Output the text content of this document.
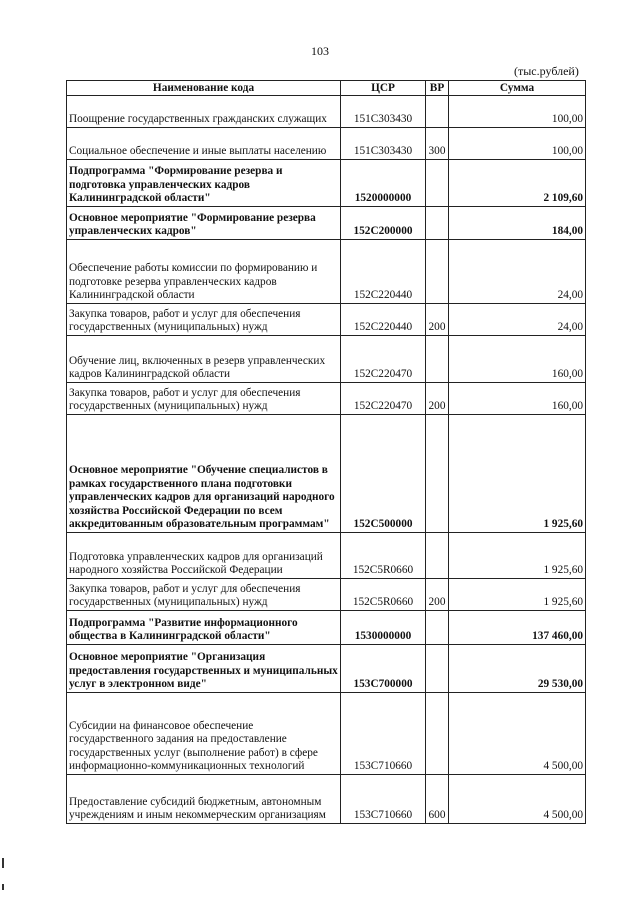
103
(тыс.рублей)
Наименование кода	ЦСР	ВР	Сумма
Поощрение государственных гражданских служащих	151С303430		100,00
Социальное обеспечение и иные выплаты населению	151С303430	300	100,00
Подпрограмма "Формирование резерва и подготовка управленческих кадров Калининградской области"	1520000000		2 109,60
Основное мероприятие "Формирование резерва управленческих кадров"	152С200000		184,00
Обеспечение работы комиссии по формированию и подготовке резерва управленческих кадров Калининградской области	152С220440		24,00
Закупка товаров, работ и услуг для обеспечения государственных (муниципальных) нужд	152С220440	200	24,00
Обучение лиц, включенных в резерв управленческих кадров Калининградской области	152С220470		160,00
Закупка товаров, работ и услуг для обеспечения государственных (муниципальных) нужд	152С220470	200	160,00
Основное мероприятие "Обучение специалистов в рамках государственного плана подготовки управленческих кадров для организаций народного хозяйства Российской Федерации по всем аккредитованным образовательным программам"	152С500000		1 925,60
Подготовка управленческих кадров для организаций народного хозяйства Российской Федерации	152С5R0660		1 925,60
Закупка товаров, работ и услуг для обеспечения государственных (муниципальных) нужд	152С5R0660	200	1 925,60
Подпрограмма "Развитие информационного общества в Калининградской области"	1530000000		137 460,00
Основное мероприятие "Организация предоставления государственных и муниципальных услуг в электронном виде"	153С700000		29 530,00
Субсидии на финансовое обеспечение государственного задания на предоставление государственных услуг (выполнение работ) в сфере информационно-коммуникационных технологий	153С710660		4 500,00
Предоставление субсидий бюджетным, автономным учреждениям и иным некоммерческим организациям	153С710660	600	4 500,00
